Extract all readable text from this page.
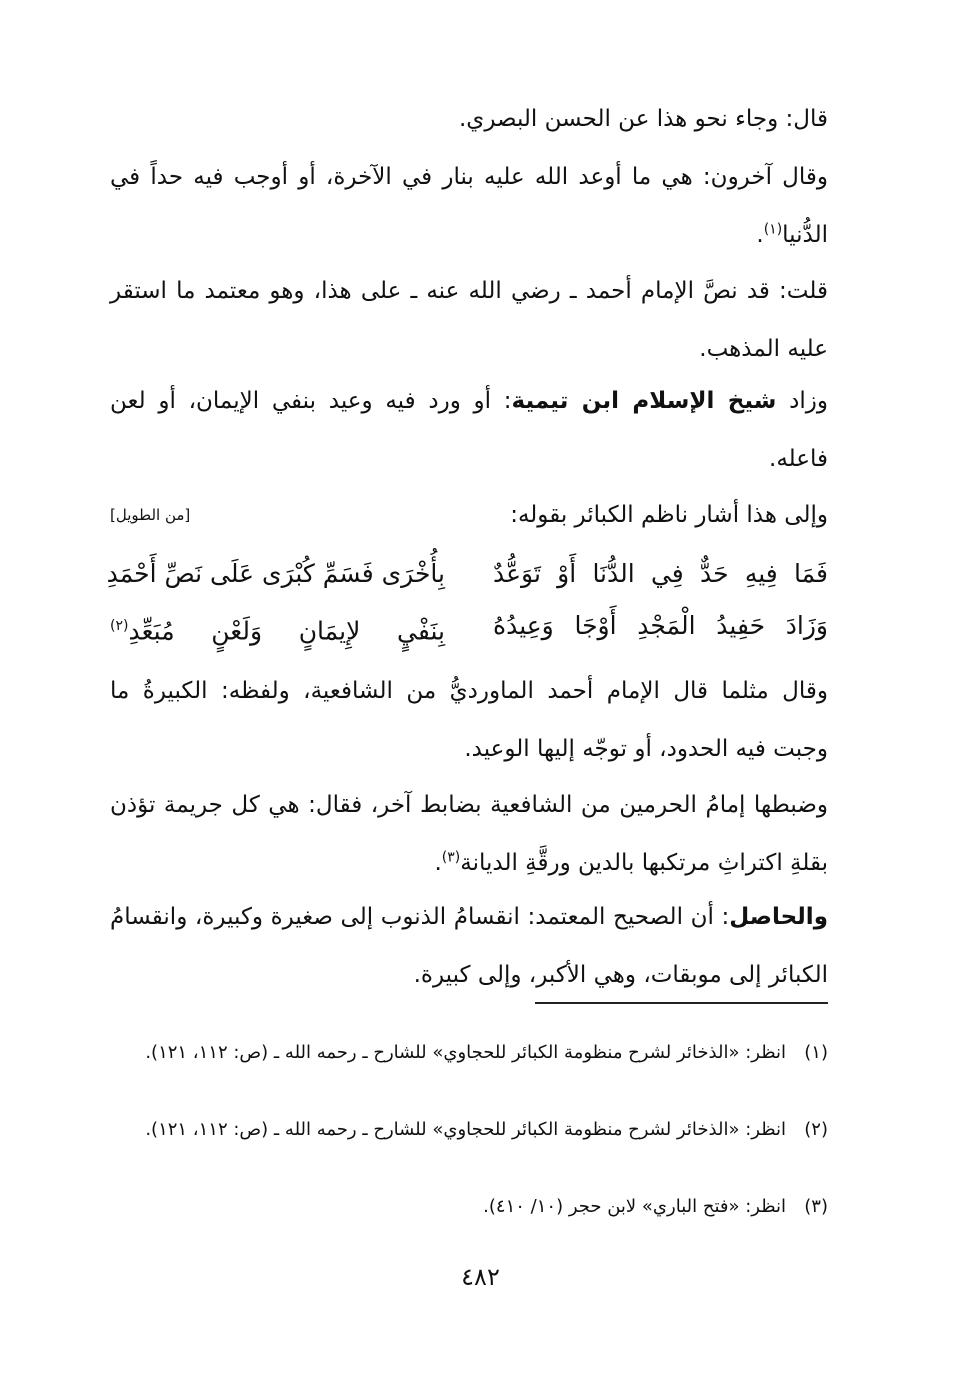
قال: وجاء نحو هذا عن الحسن البصري.

وقال آخرون: هي ما أوعد الله عليه بنار في الآخرة، أو أوجب فيه حداً في الدُّنيا$^{(١)}$.

قلت: قد نصَّ الإمام أحمد ـ رضي الله عنه ـ على هذا، وهو معتمد ما استقر عليه المذهب.

وزاد شيخ الإسلام ابن تيمية: أو ورد فيه وعيد بنفي الإيمان، أو لعن فاعله.

وإلى هذا أشار ناظم الكبائر بقوله:
[من الطويل]
فَمَا فِيهِ حَدٌّ فِي الدُّنَا أَوْ تَوَعُّدٌ
بِأُخْرَى فَسَمِّ كُبْرَى عَلَى نَصِّ أَحْمَدِ
وَزَادَ حَفِيدُ الْمَجْدِ أَوْجَا وَعِيدُهُ
بِنَفْيٍ لإِيمَانٍ وَلَعْنٍ مُبَعِّدِ$^{(٢)}$

وقال مثلما قال الإمام أحمد الماورديُّ من الشافعية، ولفظه: الكبيرةُ ما وجبت فيه الحدود، أو توجّه إليها الوعيد.

وضبطها إمامُ الحرمين من الشافعية بضابط آخر، فقال: هي كل جريمة تؤذن بقلةِ اكتراثِ مرتكبها بالدين ورقَّةِ الديانة$^{(٣)}$.

والحاصل: أن الصحيح المعتمد: انقسامُ الذنوب إلى صغيرة وكبيرة، وانقسامُ الكبائر إلى موبقات، وهي الأكبر، وإلى كبيرة.

(١)انظر: «الذخائر لشرح منظومة الكبائر للحجاوي» للشارح ـ رحمه الله ـ (ص: ١١٢، ١٢١).
(٢)انظر: «الذخائر لشرح منظومة الكبائر للحجاوي» للشارح ـ رحمه الله ـ (ص: ١١٢، ١٢١).
(٣)انظر: «فتح الباري» لابن حجر (١٠/ ٤١٠).
٤٨٢
